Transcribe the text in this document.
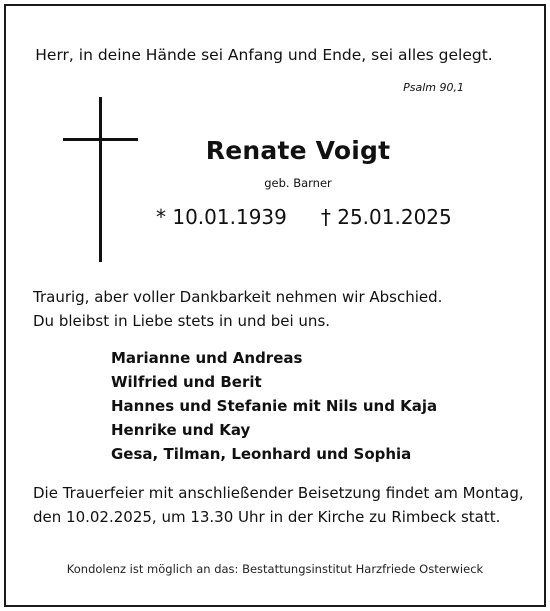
Herr, in deine Hände sei Anfang und Ende, sei alles gelegt.
Psalm 90,1
Renate Voigt
geb. Barner
* 10.01.1939 † 25.01.2025
Traurig, aber voller Dankbarkeit nehmen wir Abschied.
Du bleibst in Liebe stets in und bei uns.
Marianne und Andreas
Wilfried und Berit
Hannes und Stefanie mit Nils und Kaja
Henrike und Kay
Gesa, Tilman, Leonhard und Sophia
Die Trauerfeier mit anschließender Beisetzung findet am Montag,
den 10.02.2025, um 13.30 Uhr in der Kirche zu Rimbeck statt.
Kondolenz ist möglich an das: Bestattungsinstitut Harzfriede Osterwieck
